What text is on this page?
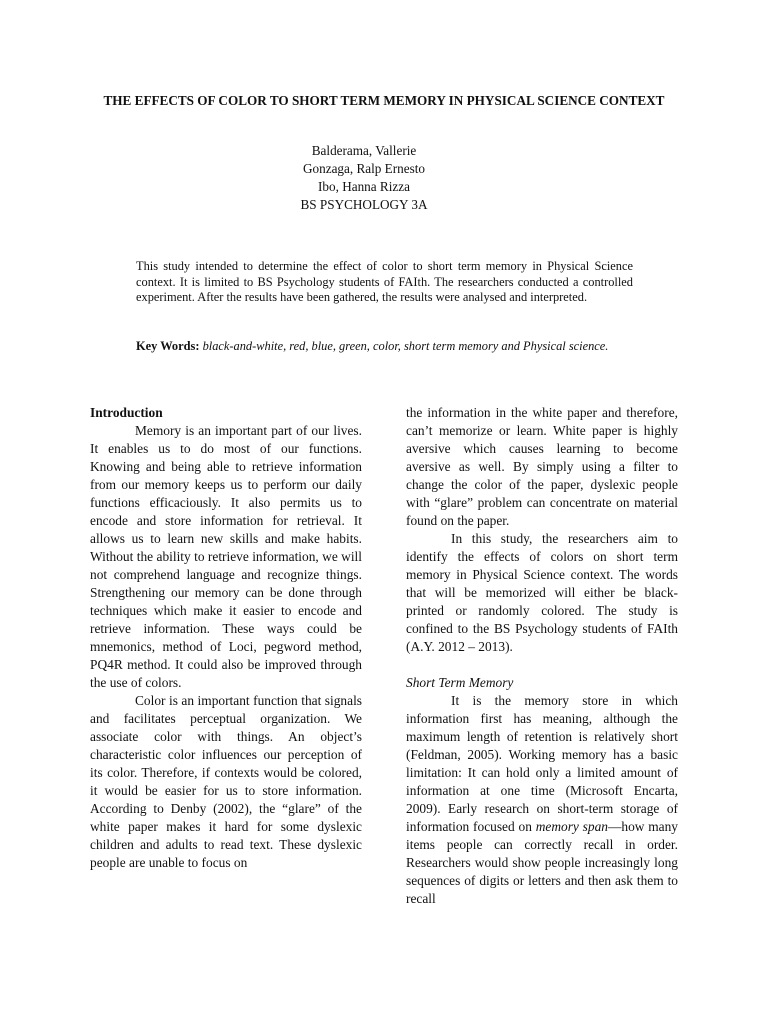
THE EFFECTS OF COLOR TO SHORT TERM MEMORY IN PHYSICAL SCIENCE CONTEXT
Balderama, Vallerie
Gonzaga, Ralp Ernesto
Ibo, Hanna Rizza
BS PSYCHOLOGY 3A
This study intended to determine the effect of color to short term memory in Physical Science context. It is limited to BS Psychology students of FAIth. The researchers conducted a controlled experiment. After the results have been gathered, the results were analysed and interpreted.
Key Words: black-and-white, red, blue, green, color, short term memory and Physical science.

Introduction

Memory is an important part of our lives. It enables us to do most of our functions. Knowing and being able to retrieve information from our memory keeps us to perform our daily functions efficaciously. It also permits us to encode and store information for retrieval. It allows us to learn new skills and make habits. Without the ability to retrieve information, we will not comprehend language and recognize things. Strengthening our memory can be done through techniques which make it easier to encode and retrieve information. These ways could be mnemonics, method of Loci, pegword method, PQ4R method. It could also be improved through the use of colors.

Color is an important function that signals and facilitates perceptual organization. We associate color with things. An object’s characteristic color influences our perception of its color. Therefore, if contexts would be colored, it would be easier for us to store information. According to Denby (2002), the “glare” of the white paper makes it hard for some dyslexic children and adults to read text. These dyslexic people are unable to focus on

the information in the white paper and therefore, can’t memorize or learn. White paper is highly aversive which causes learning to become aversive as well. By simply using a filter to change the color of the paper, dyslexic people with “glare” problem can concentrate on material found on the paper.

In this study, the researchers aim to identify the effects of colors on short term memory in Physical Science context. The words that will be memorized will either be black-printed or randomly colored. The study is confined to the BS Psychology students of FAIth (A.Y. 2012 – 2013).

Short Term Memory

It is the memory store in which information first has meaning, although the maximum length of retention is relatively short (Feldman, 2005). Working memory has a basic limitation: It can hold only a limited amount of information at one time (Microsoft Encarta, 2009). Early research on short-term storage of information focused on memory span—how many items people can correctly recall in order. Researchers would show people increasingly long sequences of digits or letters and then ask them to recall
